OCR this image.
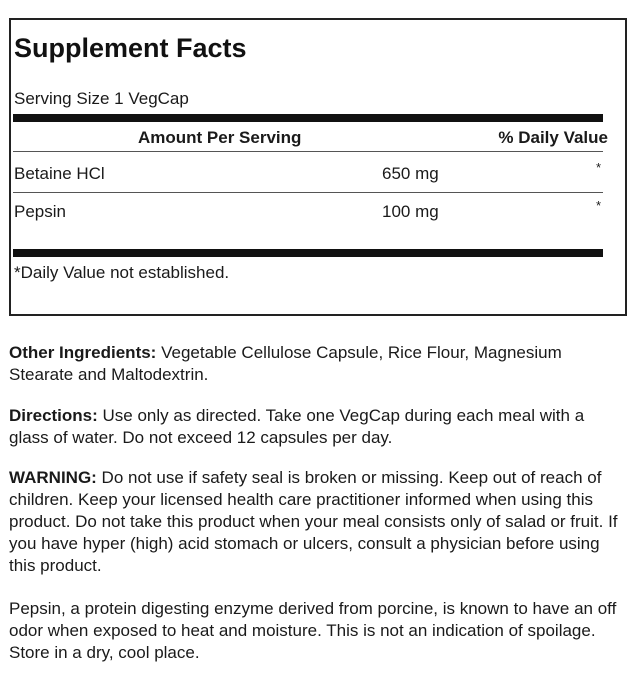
Supplement Facts
Serving Size 1 VegCap
Amount Per Serving	% Daily Value
Betaine HCl	650 mg	*
Pepsin	100 mg	*
*Daily Value not established.

Other Ingredients: Vegetable Cellulose Capsule, Rice Flour, Magnesium Stearate and Maltodextrin.

Directions: Use only as directed. Take one VegCap during each meal with a glass of water. Do not exceed 12 capsules per day.

WARNING: Do not use if safety seal is broken or missing. Keep out of reach of children. Keep your licensed health care practitioner informed when using this product. Do not take this product when your meal consists only of salad or fruit. If you have hyper (high) acid stomach or ulcers, consult a physician before using this product.

Pepsin, a protein digesting enzyme derived from porcine, is known to have an off odor when exposed to heat and moisture. This is not an indication of spoilage. Store in a dry, cool place.
